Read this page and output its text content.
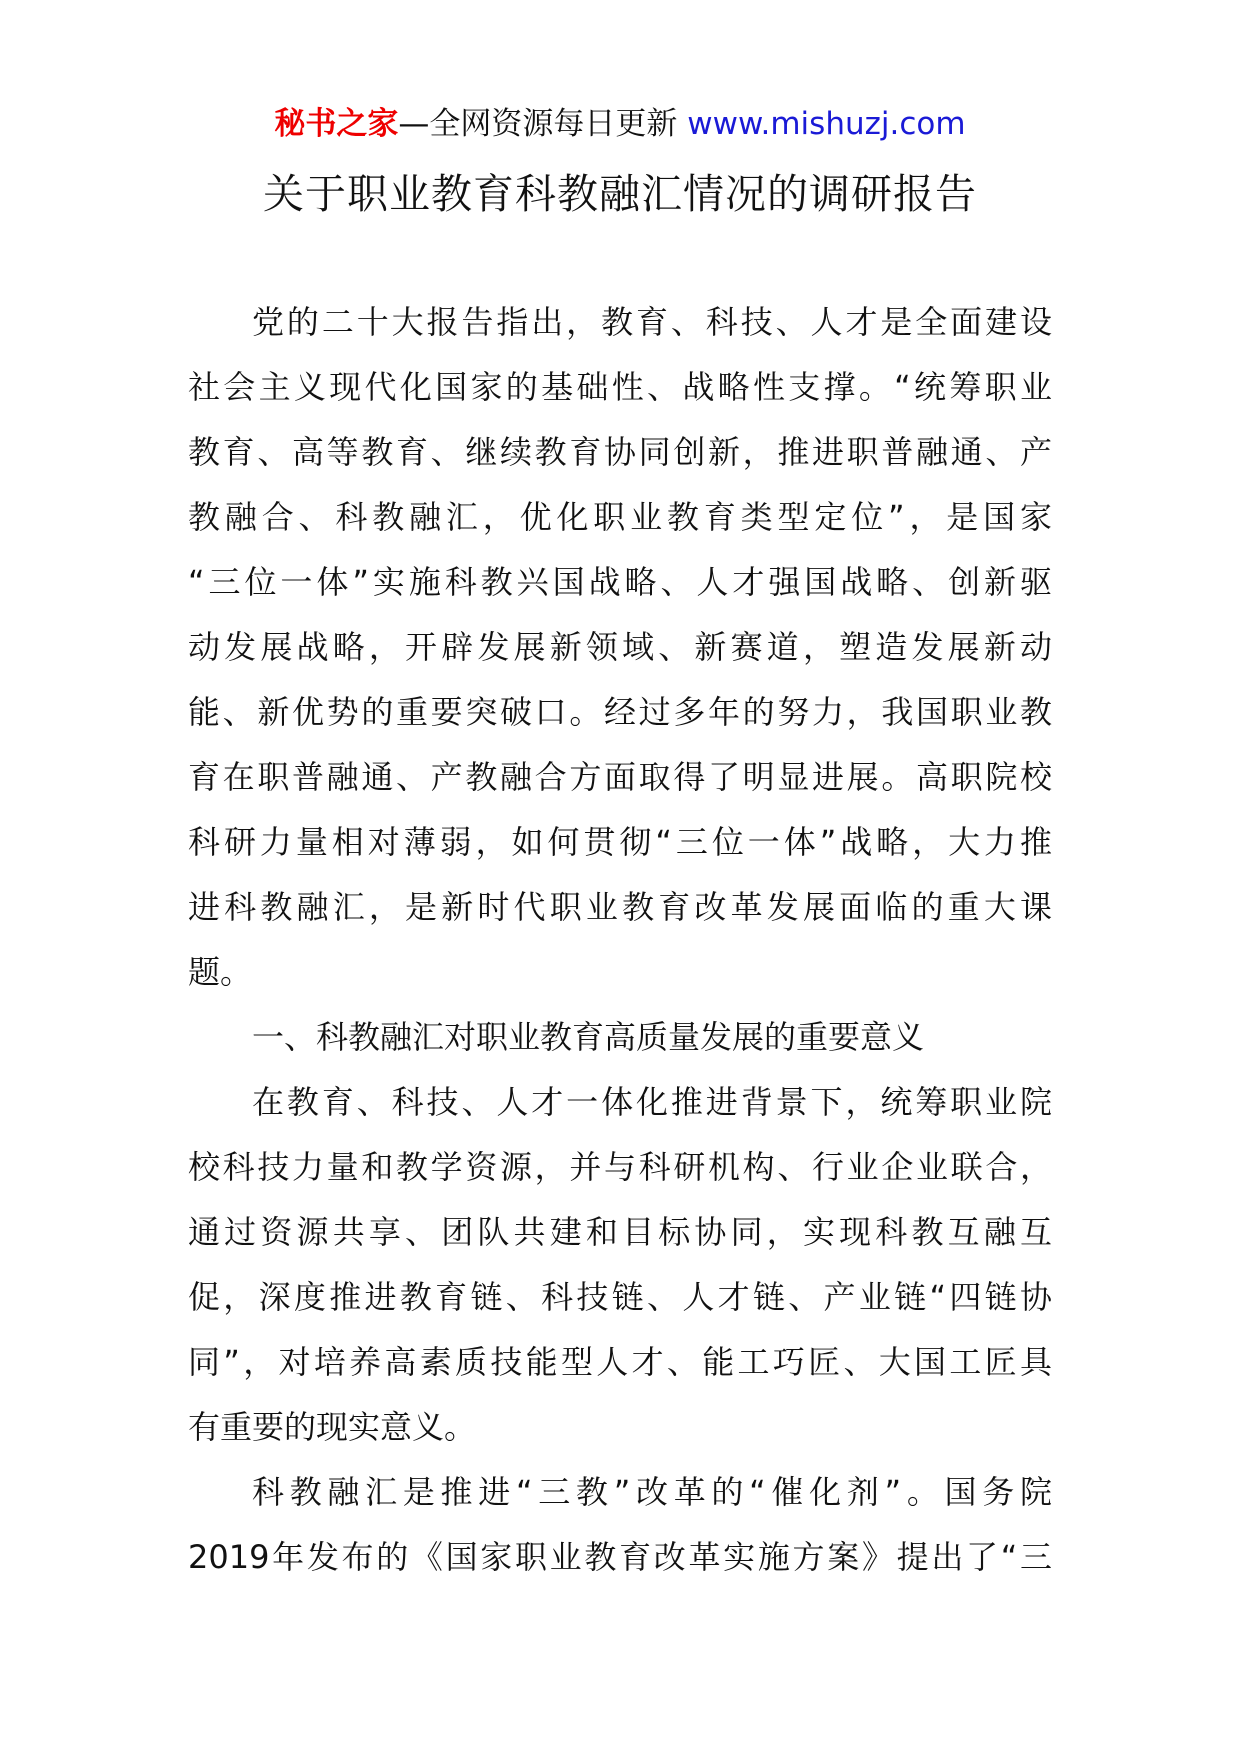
秘书之家—全网资源每日更新 www.mishuzj.com
关于职业教育科教融汇情况的调研报告
党的二十大报告指出，教育、科技、人才是全面建设
社会主义现代化国家的基础性、战略性支撑。“统筹职业
教育、高等教育、继续教育协同创新，推进职普融通、产
教融合、科教融汇，优化职业教育类型定位”，是国家
“三位一体”实施科教兴国战略、人才强国战略、创新驱
动发展战略，开辟发展新领域、新赛道，塑造发展新动
能、新优势的重要突破口。经过多年的努力，我国职业教
育在职普融通、产教融合方面取得了明显进展。高职院校
科研力量相对薄弱，如何贯彻“三位一体”战略，大力推
进科教融汇，是新时代职业教育改革发展面临的重大课
题。
一、科教融汇对职业教育高质量发展的重要意义
在教育、科技、人才一体化推进背景下，统筹职业院
校科技力量和教学资源，并与科研机构、行业企业联合，
通过资源共享、团队共建和目标协同，实现科教互融互
促，深度推进教育链、科技链、人才链、产业链“四链协
同”，对培养高素质技能型人才、能工巧匠、大国工匠具
有重要的现实意义。
科教融汇是推进“三教”改革的“催化剂”。国务院
2019年发布的《国家职业教育改革实施方案》提出了“三
